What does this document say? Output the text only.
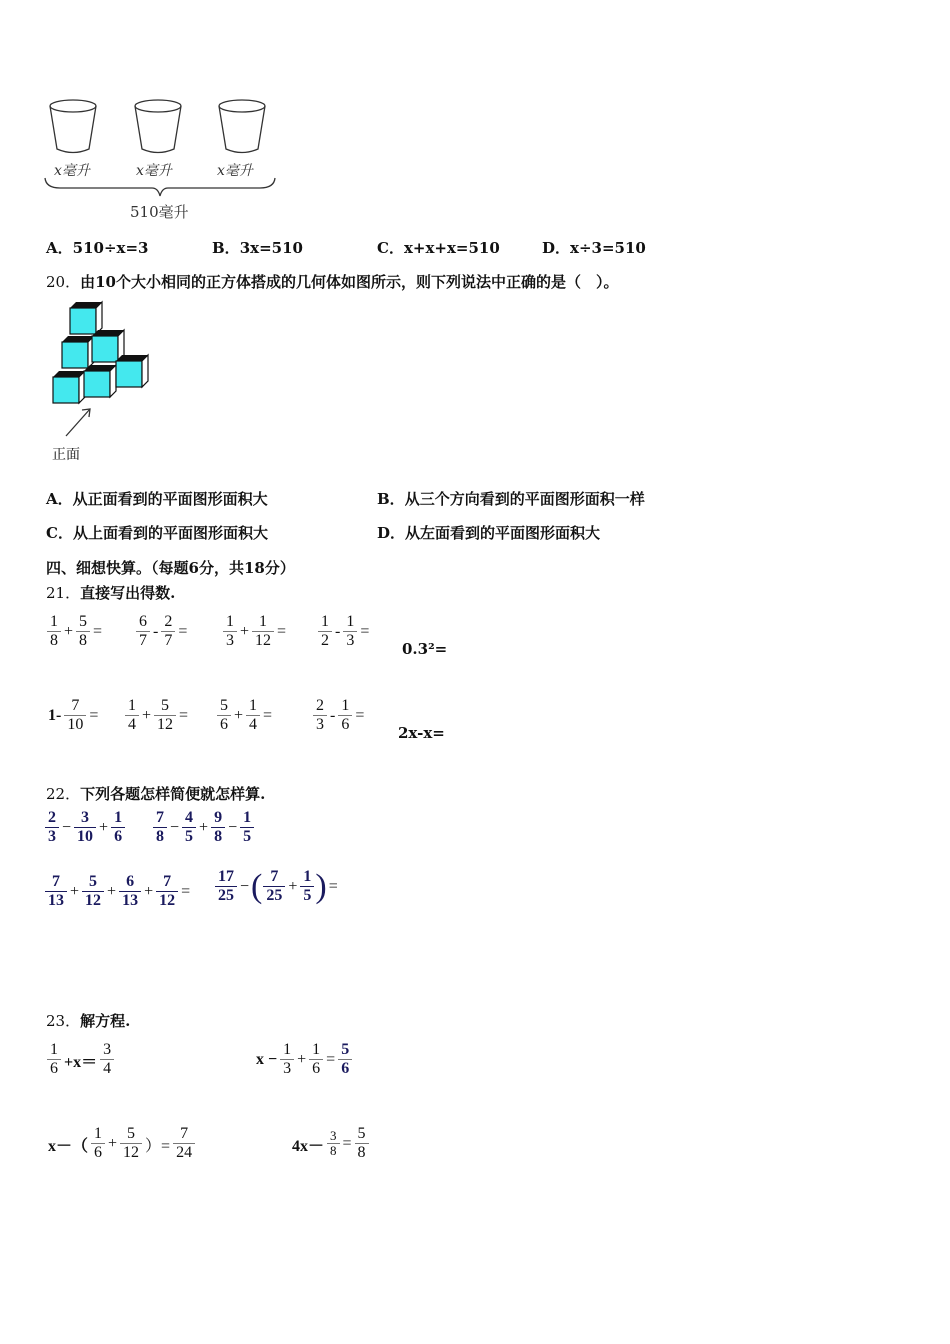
x毫升	x毫升	x毫升
510毫升
A．510÷x=3	B．3x=510	C．x+x+x=510	D．x÷3=510
20．由10个大小相同的正方体搭成的几何体如图所示，则下列说法中正确的是（　）。
正面
A．从正面看到的平面图形面积大	B．从三个方向看到的平面图形面积一样
C．从上面看到的平面图形面积大	D．从左面看到的平面图形面积大
四、细想快算。（每题6分，共18分）
21．直接写出得数.
$\frac{1}{8} + \frac{5}{8} = \frac{6}{7} - \frac{2}{7} = \frac{1}{3} + \frac{1}{12} = \frac{1}{2} - \frac{1}{3}$ =
0.3²=
$1- \frac{7}{10} = \frac{1}{4} + \frac{5}{12} = \frac{5}{6} + \frac{1}{4}$ =	$\frac{2}{3} - \frac{1}{6}$ =
2x-x=
22．下列各题怎样简便就怎样算.
$\frac{2}{3} - \frac{3}{10} + \frac{1}{6} \frac{7}{8} - \frac{4}{5} + \frac{9}{8} - \frac{1}{5}$
$\frac{7}{13} + \frac{5}{12} + \frac{6}{13} + \frac{7}{12} = \frac{17}{25}$ −( $\frac{7}{25} + \frac{1}{5}$ ) =
23．解方程.
$\frac{1}{6} +x= \frac{3}{4}$	$x - \frac{1}{3} + \frac{1}{6} = \frac{5}{6}$
$x-( \frac{1}{6} + \frac{5}{12}$ ）= $\frac{7}{24}$	$4x- \frac{3}{8} = \frac{5}{8}$
